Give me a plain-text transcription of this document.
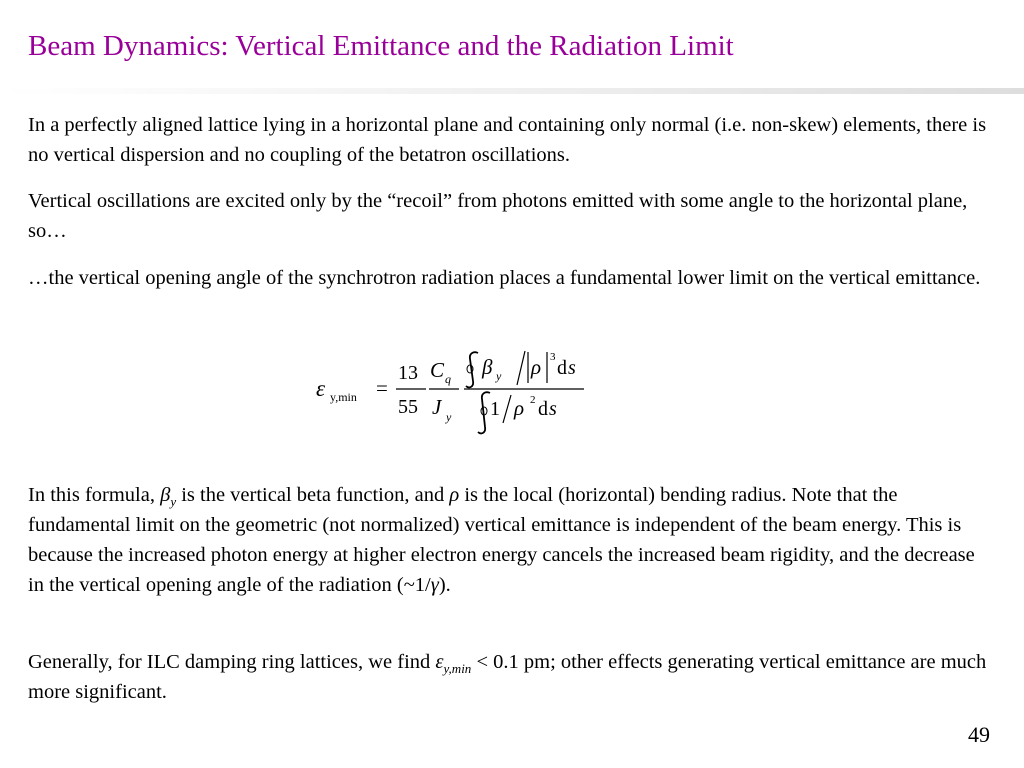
Beam Dynamics: Vertical Emittance and the Radiation Limit

In a perfectly aligned lattice lying in a horizontal plane and containing only normal (i.e. non-skew) elements, there is no vertical dispersion and no coupling of the betatron oscillations.

Vertical oscillations are excited only by the “recoil” from photons emitted with some angle to the horizontal plane, so…

…the vertical opening angle of the synchrotron radiation places a fundamental lower limit on the vertical emittance.

ε y,min =
13
55
C q
J y
β y ρ 3 d s
1 ρ 2 d s

In this formula, $\beta_y$ is the vertical beta function, and ρ is the local (horizontal) bending radius. Note that the fundamental limit on the geometric (not normalized) vertical emittance is independent of the beam energy. This is because the increased photon energy at higher electron energy cancels the increased beam rigidity, and the decrease in the vertical opening angle of the radiation (~1/γ).

Generally, for ILC damping ring lattices, we find $\varepsilon_{y,min} < 0.1$ pm; other effects generating vertical emittance are much more significant.

49
